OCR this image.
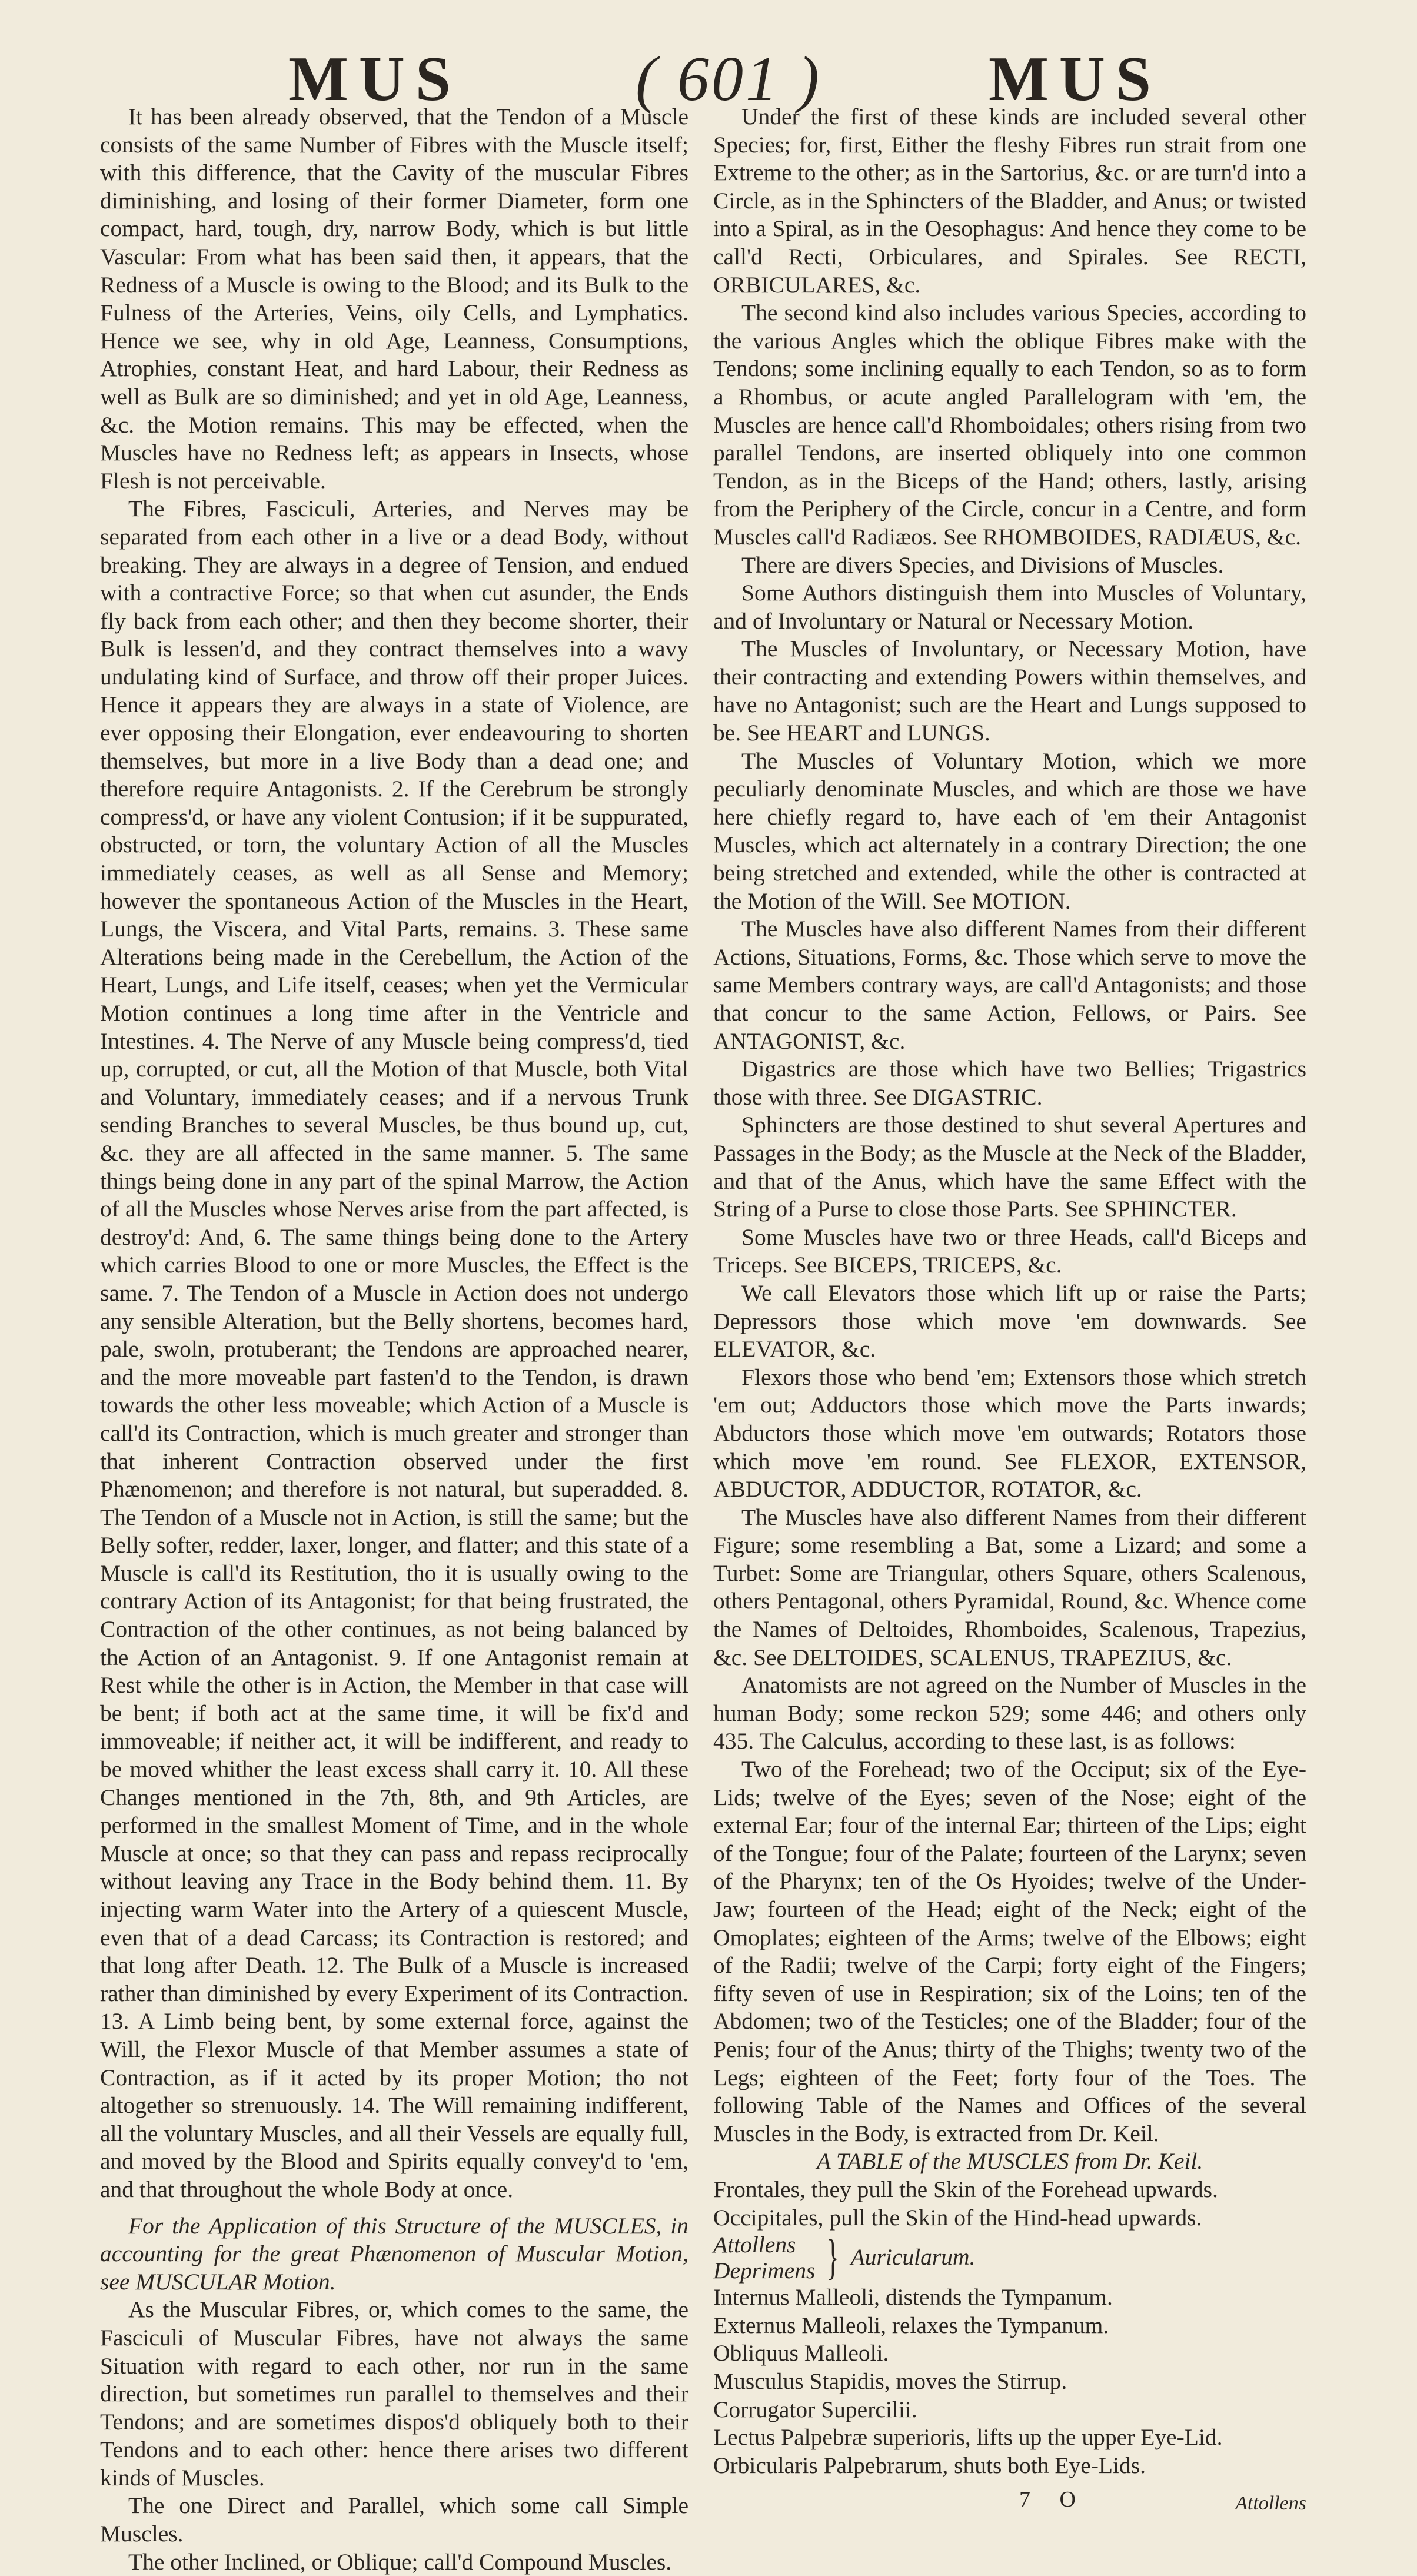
MUS	( 601 )	MUS

It has been already observed, that the Tendon of a Muscle consists of the same Number of Fibres with the Muscle itself; with this difference, that the Cavity of the muscular Fibres diminishing, and losing of their former Diameter, form one compact, hard, tough, dry, narrow Body, which is but little Vascular: From what has been said then, it appears, that the Redness of a Muscle is owing to the Blood; and its Bulk to the Fulness of the Arteries, Veins, oily Cells, and Lymphatics. Hence we see, why in old Age, Leanness, Consumptions, Atrophies, constant Heat, and hard Labour, their Redness as well as Bulk are so diminished; and yet in old Age, Leanness, &c. the Motion remains. This may be effected, when the Muscles have no Redness left; as appears in Insects, whose Flesh is not perceivable.

The Fibres, Fasciculi, Arteries, and Nerves may be separated from each other in a live or a dead Body, without breaking. They are always in a degree of Tension, and endued with a contractive Force; so that when cut asunder, the Ends fly back from each other; and then they become shorter, their Bulk is lessen'd, and they contract themselves into a wavy undulating kind of Surface, and throw off their proper Juices. Hence it appears they are always in a state of Violence, are ever opposing their Elongation, ever endeavouring to shorten themselves, but more in a live Body than a dead one; and therefore require Antagonists. 2. If the Cerebrum be strongly compress'd, or have any violent Contusion; if it be suppurated, obstructed, or torn, the voluntary Action of all the Muscles immediately ceases, as well as all Sense and Memory; however the spontaneous Action of the Muscles in the Heart, Lungs, the Viscera, and Vital Parts, remains. 3. These same Alterations being made in the Cerebellum, the Action of the Heart, Lungs, and Life itself, ceases; when yet the Vermicular Motion continues a long time after in the Ventricle and Intestines. 4. The Nerve of any Muscle being compress'd, tied up, corrupted, or cut, all the Motion of that Muscle, both Vital and Voluntary, immediately ceases; and if a nervous Trunk sending Branches to several Muscles, be thus bound up, cut, &c. they are all affected in the same manner. 5. The same things being done in any part of the spinal Marrow, the Action of all the Muscles whose Nerves arise from the part affected, is destroy'd: And, 6. The same things being done to the Artery which carries Blood to one or more Muscles, the Effect is the same. 7. The Tendon of a Muscle in Action does not undergo any sensible Alteration, but the Belly shortens, becomes hard, pale, swoln, protuberant; the Tendons are approached nearer, and the more moveable part fasten'd to the Tendon, is drawn towards the other less moveable; which Action of a Muscle is call'd its Contraction, which is much greater and stronger than that inherent Contraction observed under the first Phænomenon; and therefore is not natural, but superadded. 8. The Tendon of a Muscle not in Action, is still the same; but the Belly softer, redder, laxer, longer, and flatter; and this state of a Muscle is call'd its Restitution, tho it is usually owing to the contrary Action of its Antagonist; for that being frustrated, the Contraction of the other continues, as not being balanced by the Action of an Antagonist. 9. If one Antagonist remain at Rest while the other is in Action, the Member in that case will be bent; if both act at the same time, it will be fix'd and immoveable; if neither act, it will be indifferent, and ready to be moved whither the least excess shall carry it. 10. All these Changes mentioned in the 7th, 8th, and 9th Articles, are performed in the smallest Moment of Time, and in the whole Muscle at once; so that they can pass and repass reciprocally without leaving any Trace in the Body behind them. 11. By injecting warm Water into the Artery of a quiescent Muscle, even that of a dead Carcass; its Contraction is restored; and that long after Death. 12. The Bulk of a Muscle is increased rather than diminished by every Experiment of its Contraction. 13. A Limb being bent, by some external force, against the Will, the Flexor Muscle of that Member assumes a state of Contraction, as if it acted by its proper Motion; tho not altogether so strenuously. 14. The Will remaining indifferent, all the voluntary Muscles, and all their Vessels are equally full, and moved by the Blood and Spirits equally convey'd to 'em, and that throughout the whole Body at once.

For the Application of this Structure of the MUSCLES, in accounting for the great Phænomenon of Muscular Motion, see MUSCULAR Motion.

As the Muscular Fibres, or, which comes to the same, the Fasciculi of Muscular Fibres, have not always the same Situation with regard to each other, nor run in the same direction, but sometimes run parallel to themselves and their Tendons; and are sometimes dispos'd obliquely both to their Tendons and to each other: hence there arises two different kinds of Muscles.

The one Direct and Parallel, which some call Simple Muscles.

The other Inclined, or Oblique; call'd Compound Muscles.

Under the first of these kinds are included several other Species; for, first, Either the fleshy Fibres run strait from one Extreme to the other; as in the Sartorius, &c. or are turn'd into a Circle, as in the Sphincters of the Bladder, and Anus; or twisted into a Spiral, as in the Oesophagus: And hence they come to be call'd Recti, Orbiculares, and Spirales. See RECTI, ORBICULARES, &c.

The second kind also includes various Species, according to the various Angles which the oblique Fibres make with the Tendons; some inclining equally to each Tendon, so as to form a Rhombus, or acute angled Parallelogram with 'em, the Muscles are hence call'd Rhomboidales; others rising from two parallel Tendons, are inserted obliquely into one common Tendon, as in the Biceps of the Hand; others, lastly, arising from the Periphery of the Circle, concur in a Centre, and form Muscles call'd Radiæos. See RHOMBOIDES, RADIÆUS, &c.

There are divers Species, and Divisions of Muscles.

Some Authors distinguish them into Muscles of Voluntary, and of Involuntary or Natural or Necessary Motion.

The Muscles of Involuntary, or Necessary Motion, have their contracting and extending Powers within themselves, and have no Antagonist; such are the Heart and Lungs supposed to be. See HEART and LUNGS.

The Muscles of Voluntary Motion, which we more peculiarly denominate Muscles, and which are those we have here chiefly regard to, have each of 'em their Antagonist Muscles, which act alternately in a contrary Direction; the one being stretched and extended, while the other is contracted at the Motion of the Will. See MOTION.

The Muscles have also different Names from their different Actions, Situations, Forms, &c. Those which serve to move the same Members contrary ways, are call'd Antagonists; and those that concur to the same Action, Fellows, or Pairs. See ANTAGONIST, &c.

Digastrics are those which have two Bellies; Trigastrics those with three. See DIGASTRIC.

Sphincters are those destined to shut several Apertures and Passages in the Body; as the Muscle at the Neck of the Bladder, and that of the Anus, which have the same Effect with the String of a Purse to close those Parts. See SPHINCTER.

Some Muscles have two or three Heads, call'd Biceps and Triceps. See BICEPS, TRICEPS, &c.

We call Elevators those which lift up or raise the Parts; Depressors those which move 'em downwards. See ELEVATOR, &c.

Flexors those who bend 'em; Extensors those which stretch 'em out; Adductors those which move the Parts inwards; Abductors those which move 'em outwards; Rotators those which move 'em round. See FLEXOR, EXTENSOR, ABDUCTOR, ADDUCTOR, ROTATOR, &c.

The Muscles have also different Names from their different Figure; some resembling a Bat, some a Lizard; and some a Turbet: Some are Triangular, others Square, others Scalenous, others Pentagonal, others Pyramidal, Round, &c. Whence come the Names of Deltoides, Rhomboides, Scalenous, Trapezius, &c. See DELTOIDES, SCALENUS, TRAPEZIUS, &c.

Anatomists are not agreed on the Number of Muscles in the human Body; some reckon 529; some 446; and others only 435. The Calculus, according to these last, is as follows:

Two of the Forehead; two of the Occiput; six of the Eye-Lids; twelve of the Eyes; seven of the Nose; eight of the external Ear; four of the internal Ear; thirteen of the Lips; eight of the Tongue; four of the Palate; fourteen of the Larynx; seven of the Pharynx; ten of the Os Hyoides; twelve of the Under-Jaw; fourteen of the Head; eight of the Neck; eight of the Omoplates; eighteen of the Arms; twelve of the Elbows; eight of the Radii; twelve of the Carpi; forty eight of the Fingers; fifty seven of use in Respiration; six of the Loins; ten of the Abdomen; two of the Testicles; one of the Bladder; four of the Penis; four of the Anus; thirty of the Thighs; twenty two of the Legs; eighteen of the Feet; forty four of the Toes. The following Table of the Names and Offices of the several Muscles in the Body, is extracted from Dr. Keil.

A TABLE of the MUSCLES from Dr. Keil.

Frontales, they pull the Skin of the Forehead upwards.

Occipitales, pull the Skin of the Hind-head upwards.

Attollens
Deprimens } Auricularum.

Internus Malleoli, distends the Tympanum.

Externus Malleoli, relaxes the Tympanum.

Obliquus Malleoli.

Musculus Stapidis, moves the Stirrup.

Corrugator Supercilii.

Lectus Palpebræ superioris, lifts up the upper Eye-Lid.

Orbicularis Palpebrarum, shuts both Eye-Lids.

7 O	Attollens
